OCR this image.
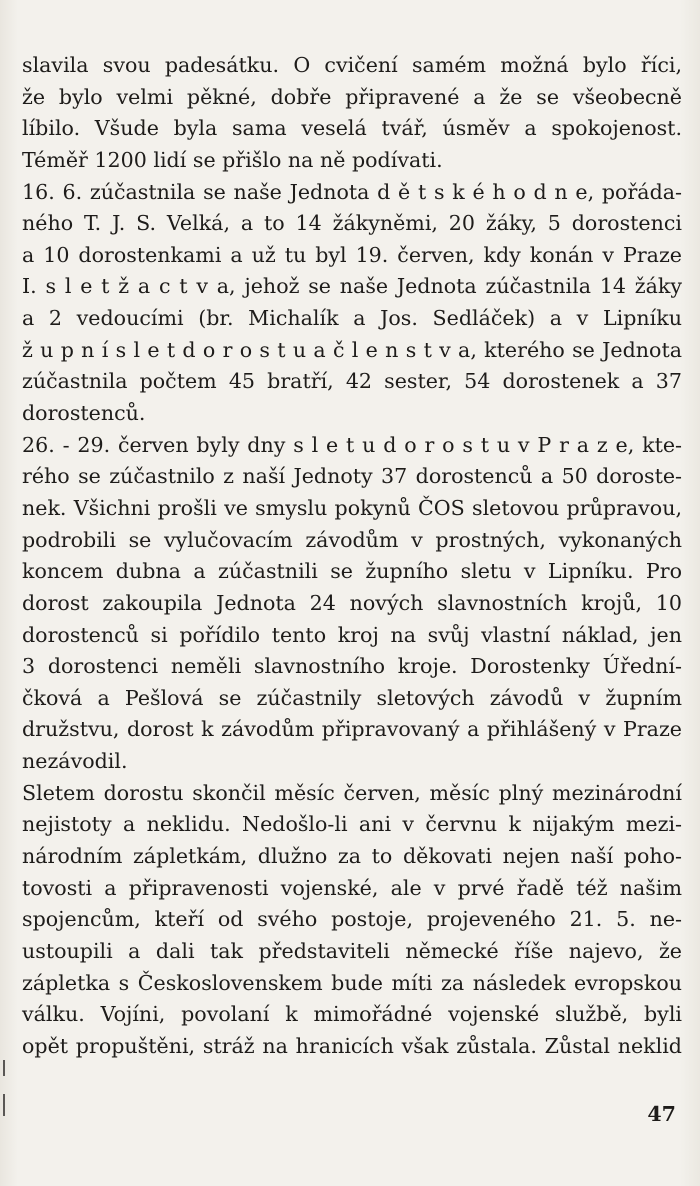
slavila svou padesátku. O cvičení samém možná bylo říci,
že bylo velmi pěkné, dobře připravené a že se všeobecně
líbilo. Všude byla sama veselá tvář, úsměv a spokojenost.
Téměř 1200 lidí se přišlo na ně podívati.
16. 6. zúčastnila se naše Jednota d ě t s k é h o d n e, pořáda-
ného T. J. S. Velká, a to 14 žákyněmi, 20 žáky, 5 dorostenci
a 10 dorostenkami a už tu byl 19. červen, kdy konán v Praze
I. s l e t ž a c t v a, jehož se naše Jednota zúčastnila 14 žáky
a 2 vedoucími (br. Michalík a Jos. Sedláček) a v Lipníku
ž u p n í s l e t d o r o s t u a č l e n s t v a, kterého se Jednota
zúčastnila počtem 45 bratří, 42 sester, 54 dorostenek a 37
dorostenců.
26. - 29. červen byly dny s l e t u d o r o s t u v P r a z e, kte-
rého se zúčastnilo z naší Jednoty 37 dorostenců a 50 doroste-
nek. Všichni prošli ve smyslu pokynů ČOS sletovou průpravou,
podrobili se vylučovacím závodům v prostných, vykonaných
koncem dubna a zúčastnili se župního sletu v Lipníku. Pro
dorost zakoupila Jednota 24 nových slavnostních krojů, 10
dorostenců si pořídilo tento kroj na svůj vlastní náklad, jen
3 dorostenci neměli slavnostního kroje. Dorostenky Úřední-
čková a Pešlová se zúčastnily sletových závodů v župním
družstvu, dorost k závodům připravovaný a přihlášený v Praze
nezávodil.
Sletem dorostu skončil měsíc červen, měsíc plný mezinárodní
nejistoty a neklidu. Nedošlo-li ani v červnu k nijakým mezi-
národním zápletkám, dlužno za to děkovati nejen naší poho-
tovosti a připravenosti vojenské, ale v prvé řadě též našim
spojencům, kteří od svého postoje, projeveného 21. 5. ne-
ustoupili a dali tak představiteli německé říše najevo, že
zápletka s Československem bude míti za následek evropskou
válku. Vojíni, povolaní k mimořádné vojenské službě, byli
opět propuštěni, stráž na hranicích však zůstala. Zůstal neklid
47
